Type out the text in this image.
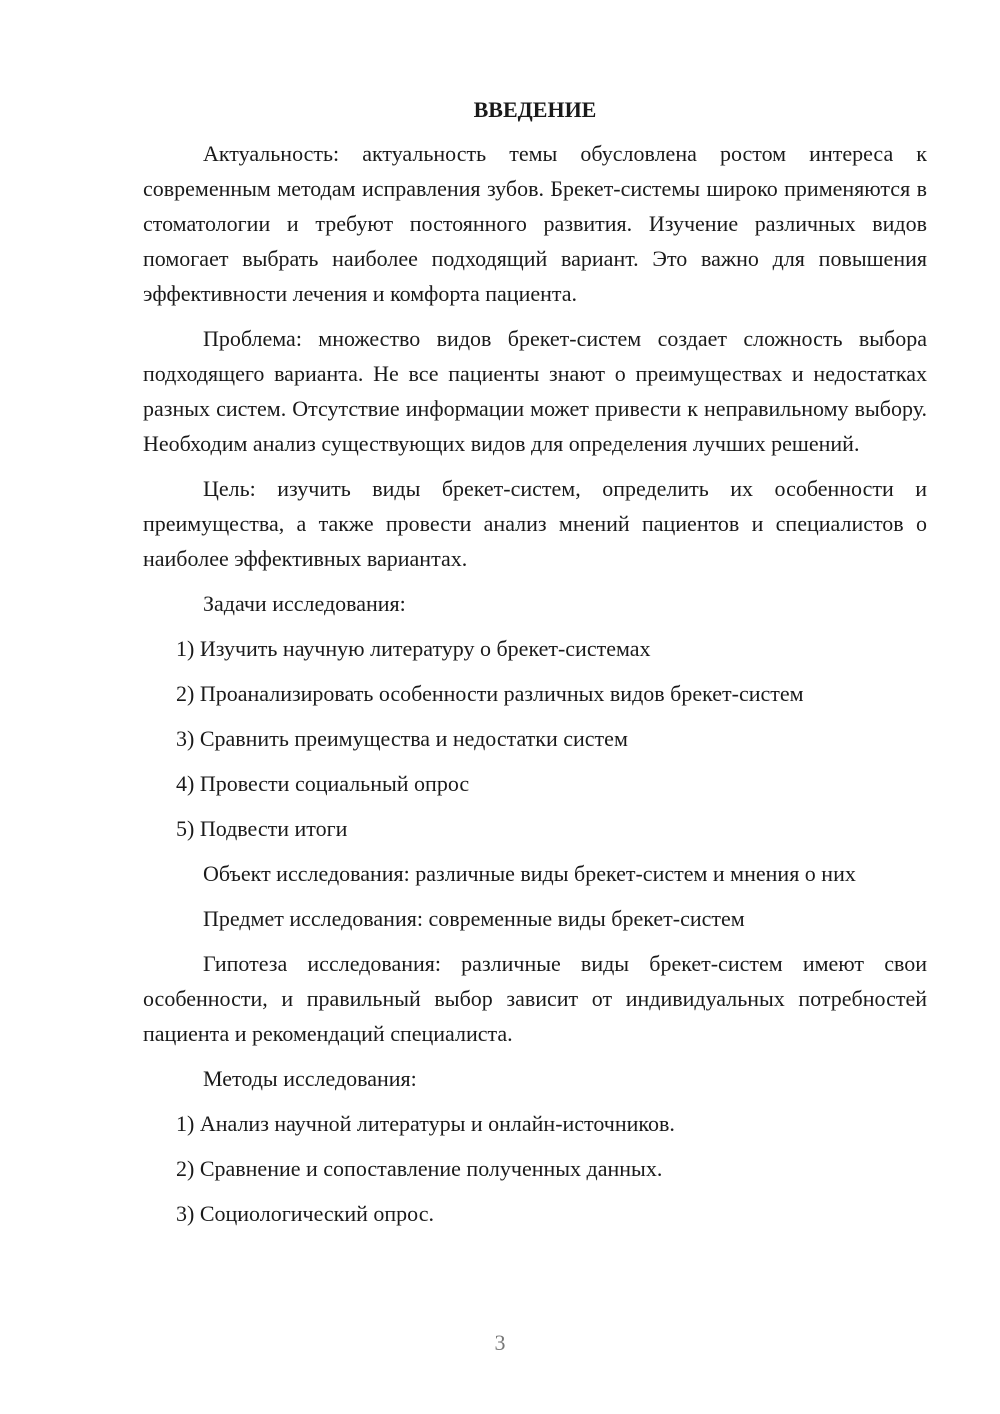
ВВЕДЕНИЕ

Актуальность: актуальность темы обусловлена ростом интереса к современным методам исправления зубов. Брекет-системы широко применяются в стоматологии и требуют постоянного развития. Изучение различных видов помогает выбрать наиболее подходящий вариант. Это важно для повышения эффективности лечения и комфорта пациента.

Проблема: множество видов брекет-систем создает сложность выбора подходящего варианта. Не все пациенты знают о преимуществах и недостатках разных систем. Отсутствие информации может привести к неправильному выбору. Необходим анализ существующих видов для определения лучших решений.

Цель: изучить виды брекет-систем, определить их особенности и преимущества, а также провести анализ мнений пациентов и специалистов о наиболее эффективных вариантах.

Задачи исследования:

1) Изучить научную литературу о брекет-системах

2) Проанализировать особенности различных видов брекет-систем

3) Сравнить преимущества и недостатки систем

4) Провести социальный опрос

5) Подвести итоги

Объект исследования: различные виды брекет-систем и мнения о них

Предмет исследования: современные виды брекет-систем

Гипотеза исследования: различные виды брекет-систем имеют свои особенности, и правильный выбор зависит от индивидуальных потребностей пациента и рекомендаций специалиста.

Методы исследования:

1) Анализ научной литературы и онлайн-источников.

2) Сравнение и сопоставление полученных данных.

3) Социологический опрос.

3
